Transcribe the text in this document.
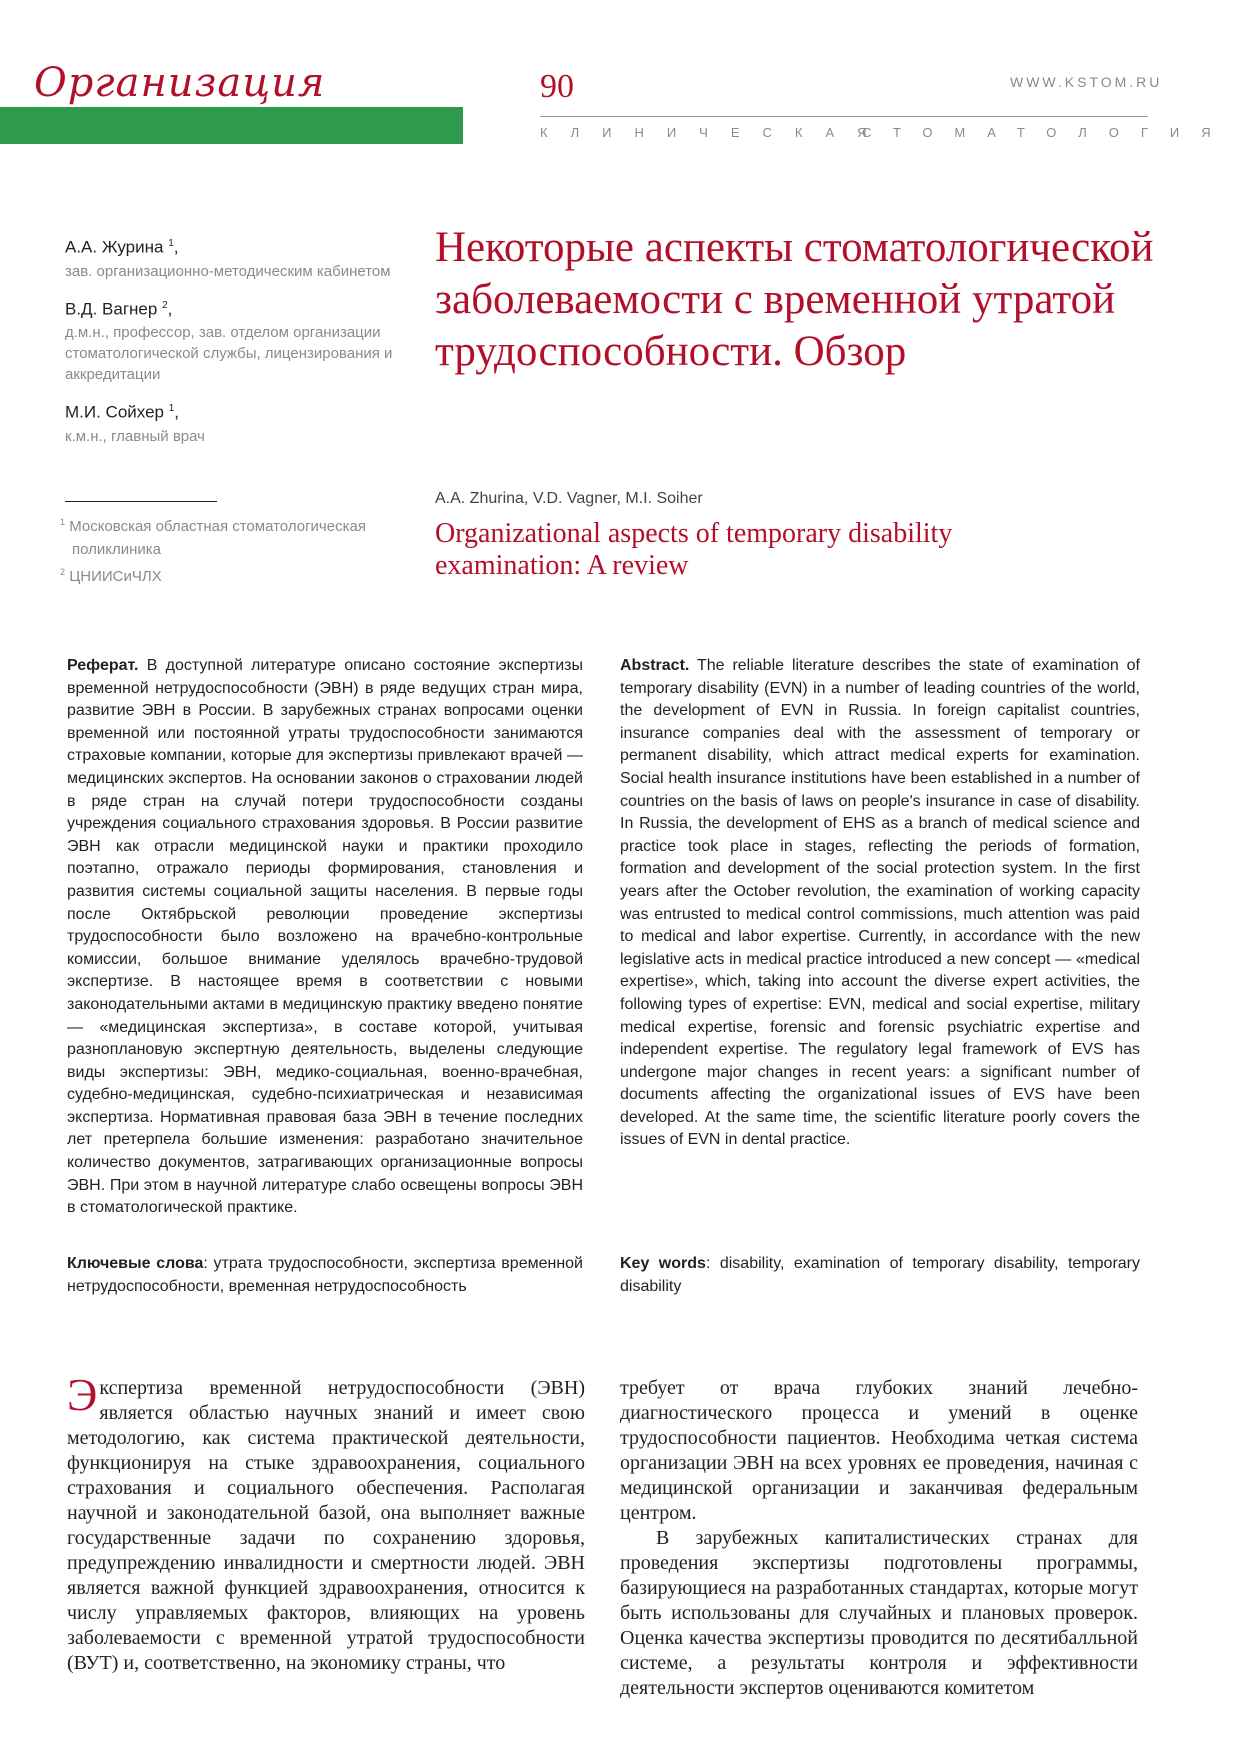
Организация	90	WWW.KSTOM.RU
КЛИНИЧЕСКАЯ
СТОМАТОЛОГИЯ
А.А. Журина $^1$,
зав. организационно-методическим кабинетом
В.Д. Вагнер $^2$,
д.м.н., профессор, зав. отделом организации стоматологической службы, лицензирования и аккредитации
М.И. Сойхер $^1$,
к.м.н., главный врач
$^1$ Московская областная стоматологическая поликлиника
$^2$ ЦНИИСиЧЛХ
Некоторые аспекты стоматологической заболеваемости с временной утратой трудоспособности. Обзор
A.A. Zhurina, V.D. Vagner, M.I. Soiher
Organizational aspects of temporary disability examination: A review
Реферат. В доступной литературе описано состояние экспертизы временной нетрудоспособности (ЭВН) в ряде ведущих стран мира, развитие ЭВН в России. В зарубежных странах вопросами оценки временной или постоянной утраты трудоспособности занимаются страховые компании, которые для экспертизы привлекают врачей — медицинских экспертов. На основании законов о страховании людей в ряде стран на случай потери трудоспособности созданы учреждения социального страхования здоровья. В России развитие ЭВН как отрасли медицинской науки и практики проходило поэтапно, отражало периоды формирования, становления и развития системы социальной защиты населения. В первые годы после Октябрьской революции проведение экспертизы трудоспособности было возложено на врачебно-контрольные комиссии, большое внимание уделялось врачебно-трудовой экспертизе. В настоящее время в соответствии с новыми законодательными актами в медицинскую практику введено понятие — «медицинская экспертиза», в составе которой, учитывая разноплановую экспертную деятельность, выделены следующие виды экспертизы: ЭВН, медико-социальная, военно-врачебная, судебно-медицинская, судебно-психиатрическая и независимая экспертиза. Нормативная правовая база ЭВН в течение последних лет претерпела большие изменения: разработано значительное количество документов, затрагивающих организационные вопросы ЭВН. При этом в научной литературе слабо освещены вопросы ЭВН в стоматологической практике.
Abstract. The reliable literature describes the state of examination of temporary disability (EVN) in a number of leading countries of the world, the development of EVN in Russia. In foreign capitalist countries, insurance companies deal with the assessment of temporary or permanent disability, which attract medical experts for examination. Social health insurance institutions have been established in a number of countries on the basis of laws on people's insurance in case of disability. In Russia, the development of EHS as a branch of medical science and practice took place in stages, reflecting the periods of formation, formation and development of the social protection system. In the first years after the October revolution, the examination of working capacity was entrusted to medical control commissions, much attention was paid to medical and labor expertise. Currently, in accordance with the new legislative acts in medical practice introduced a new concept — «medical expertise», which, taking into account the diverse expert activities, the following types of expertise: EVN, medical and social expertise, military medical expertise, forensic and forensic psychiatric expertise and independent expertise. The regulatory legal framework of EVS has undergone major changes in recent years: a significant number of documents affecting the organizational issues of EVS have been developed. At the same time, the scientific literature poorly covers the issues of EVN in dental practice.
Ключевые слова: утрата трудоспособности, экспертиза временной нетрудоспособности, временная нетрудоспособность
Key words: disability, examination of temporary disability, temporary disability

Экспертиза временной нетрудоспособности (ЭВН) является областью научных знаний и имеет свою методологию, как система практической деятельности, функционируя на стыке здравоохранения, социального страхования и социального обеспечения. Располагая научной и законодательной базой, она выполняет важные государственные задачи по сохранению здоровья, предупреждению инвалидности и смертности людей. ЭВН является важной функцией здравоохранения, относится к числу управляемых факторов, влияющих на уровень заболеваемости с временной утратой трудоспособности (ВУТ) и, соответственно, на экономику страны, что

требует от врача глубоких знаний лечебно-диагностического процесса и умений в оценке трудоспособности пациентов. Необходима четкая система организации ЭВН на всех уровнях ее проведения, начиная с медицинской организации и заканчивая федеральным центром.

В зарубежных капиталистических странах для проведения экспертизы подготовлены программы, базирующиеся на разработанных стандартах, которые могут быть использованы для случайных и плановых проверок. Оценка качества экспертизы проводится по десятибалльной системе, а результаты контроля и эффективности деятельности экспертов оцениваются комитетом
